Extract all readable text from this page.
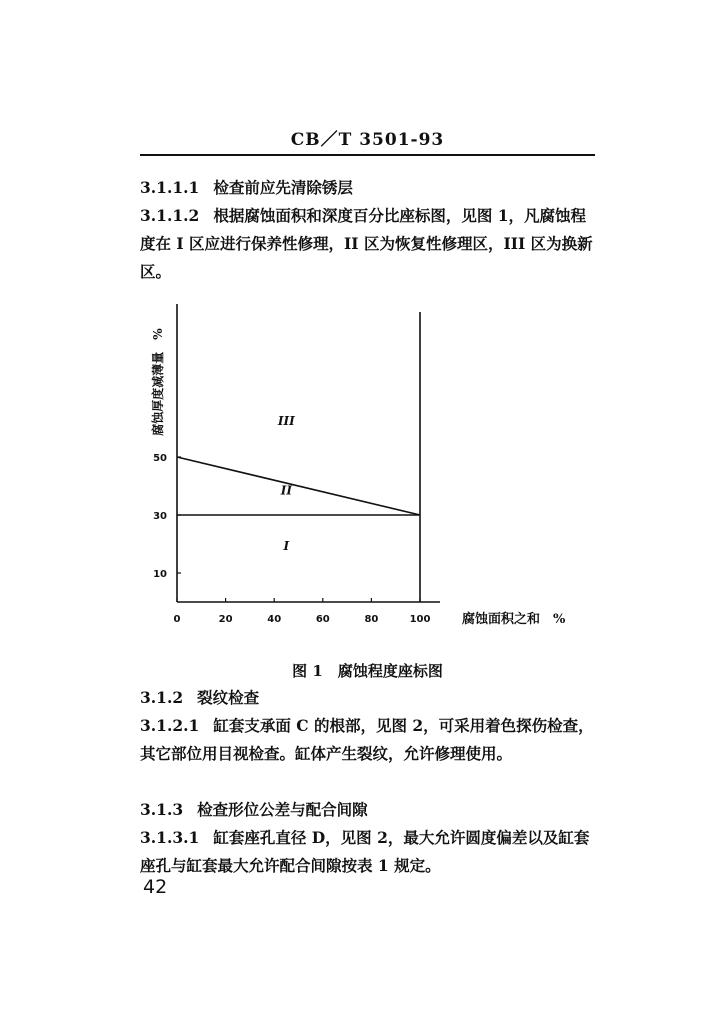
CB／T 3501-93

3.1.1.1 检查前应先清除锈层

3.1.1.2 根据腐蚀面积和深度百分比座标图，见图 1，凡腐蚀程度在 I 区应进行保养性修理，II 区为恢复性修理区，III 区为换新区。

0	20	40	60	80	100
10
30
50
I
II
III
腐蚀面积之和　%
腐蚀厚度减薄量　%
图 1　腐蚀程度座标图

3.1.2 裂纹检查

3.1.2.1 缸套支承面 C 的根部，见图 2，可采用着色探伤检查，其它部位用目视检查。缸体产生裂纹，允许修理使用。

3.1.3 检查形位公差与配合间隙

3.1.3.1 缸套座孔直径 D，见图 2，最大允许圆度偏差以及缸套座孔与缸套最大允许配合间隙按表 1 规定。

42
